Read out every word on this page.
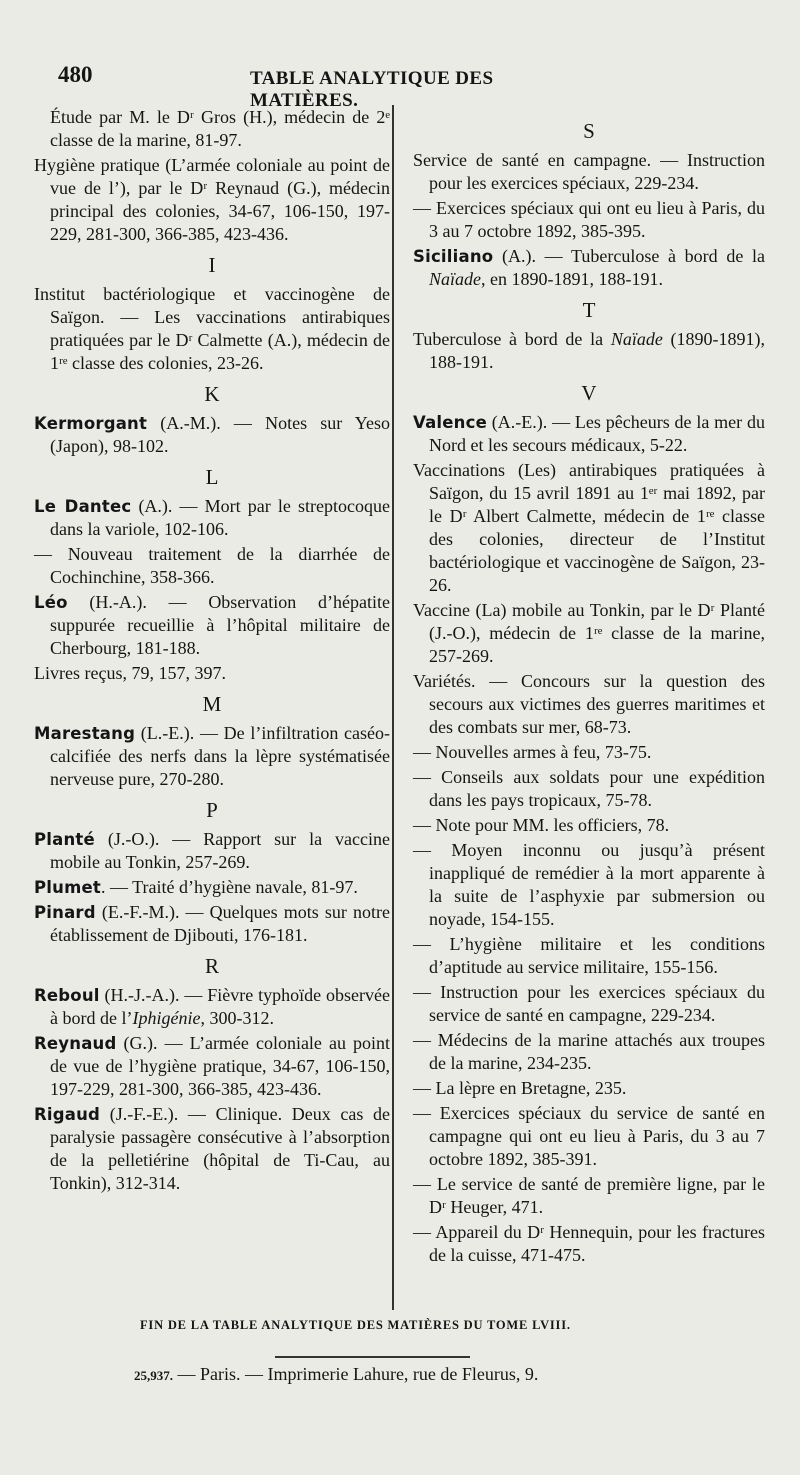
480	TABLE ANALYTIQUE DES MATIÈRES.
Étude par M. le Dʳ Gros (H.), médecin de 2ᵉ classe de la marine, 81-97.
Hygiène pratique (L’armée coloniale au point de vue de l’), par le Dʳ Reynaud (G.), médecin principal des colonies, 34-67, 106-150, 197-229, 281-300, 366-385, 423-436.
I
Institut bactériologique et vaccinogène de Saïgon. — Les vaccinations antirabiques pratiquées par le Dʳ Calmette (A.), médecin de 1ʳᵉ classe des colonies, 23-26.
K
Kermorgant (A.-M.). — Notes sur Yeso (Japon), 98-102.
L
Le Dantec (A.). — Mort par le streptocoque dans la variole, 102-106.
— Nouveau traitement de la diarrhée de Cochinchine, 358-366.
Léo (H.-A.). — Observation d’hépatite suppurée recueillie à l’hôpital militaire de Cherbourg, 181-188.
Livres reçus, 79, 157, 397.
M
Marestang (L.-E.). — De l’infiltration caséo-calcifiée des nerfs dans la lèpre systématisée nerveuse pure, 270-280.
P
Planté (J.-O.). — Rapport sur la vaccine mobile au Tonkin, 257-269.
Plumet. — Traité d’hygiène navale, 81-97.
Pinard (E.-F.-M.). — Quelques mots sur notre établissement de Djibouti, 176-181.
R
Reboul (H.-J.-A.). — Fièvre typhoïde observée à bord de l’Iphigénie, 300-312.
Reynaud (G.). — L’armée coloniale au point de vue de l’hygiène pratique, 34-67, 106-150, 197-229, 281-300, 366-385, 423-436.
Rigaud (J.-F.-E.). — Clinique. Deux cas de paralysie passagère consécutive à l’absorption de la pelletiérine (hôpital de Ti-Cau, au Tonkin), 312-314.
S
Service de santé en campagne. — Instruction pour les exercices spéciaux, 229-234.
— Exercices spéciaux qui ont eu lieu à Paris, du 3 au 7 octobre 1892, 385-395.
Siciliano (A.). — Tuberculose à bord de la Naïade, en 1890-1891, 188-191.
T
Tuberculose à bord de la Naïade (1890-1891), 188-191.
V
Valence (A.-E.). — Les pêcheurs de la mer du Nord et les secours médicaux, 5-22.
Vaccinations (Les) antirabiques pratiquées à Saïgon, du 15 avril 1891 au 1ᵉʳ mai 1892, par le Dʳ Albert Calmette, médecin de 1ʳᵉ classe des colonies, directeur de l’Institut bactériologique et vaccinogène de Saïgon, 23-26.
Vaccine (La) mobile au Tonkin, par le Dʳ Planté (J.-O.), médecin de 1ʳᵉ classe de la marine, 257-269.
Variétés. — Concours sur la question des secours aux victimes des guerres maritimes et des combats sur mer, 68-73.
— Nouvelles armes à feu, 73-75.
— Conseils aux soldats pour une expédition dans les pays tropicaux, 75-78.
— Note pour MM. les officiers, 78.
— Moyen inconnu ou jusqu’à présent inappliqué de remédier à la mort apparente à la suite de l’asphyxie par submersion ou noyade, 154-155.
— L’hygiène militaire et les conditions d’aptitude au service militaire, 155-156.
— Instruction pour les exercices spéciaux du service de santé en campagne, 229-234.
— Médecins de la marine attachés aux troupes de la marine, 234-235.
— La lèpre en Bretagne, 235.
— Exercices spéciaux du service de santé en campagne qui ont eu lieu à Paris, du 3 au 7 octobre 1892, 385-391.
— Le service de santé de première ligne, par le Dʳ Heuger, 471.
— Appareil du Dʳ Hennequin, pour les fractures de la cuisse, 471-475.
FIN DE LA TABLE ANALYTIQUE DES MATIÈRES DU TOME LVIII.
25,937. — Paris. — Imprimerie Lahure, rue de Fleurus, 9.
